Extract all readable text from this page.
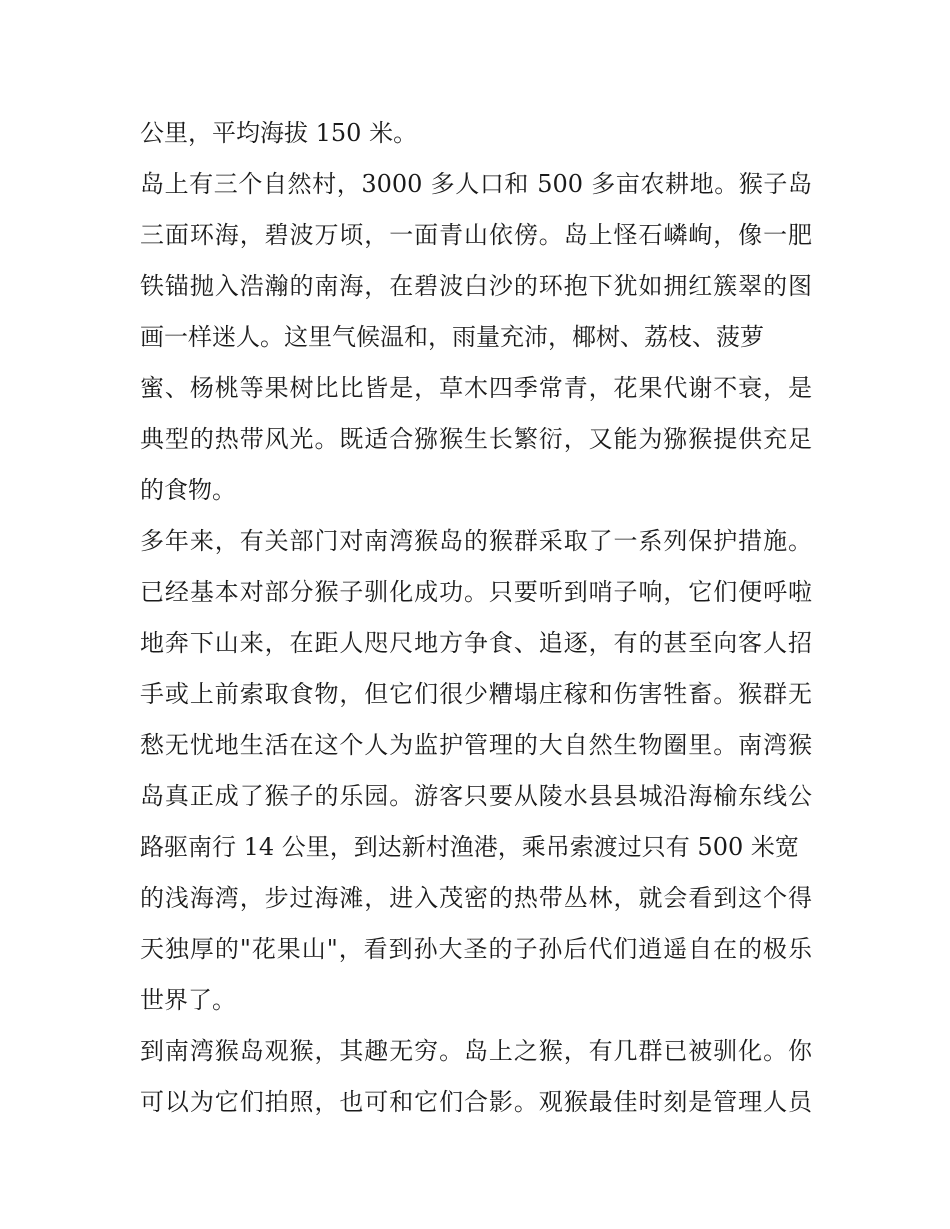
公里，平均海拔 150 米。
岛上有三个自然村，3000 多人口和 500 多亩农耕地。猴子岛
三面环海，碧波万顷，一面青山依傍。岛上怪石嶙峋，像一肥
铁锚抛入浩瀚的南海，在碧波白沙的环抱下犹如拥红簇翠的图
画一样迷人。这里气候温和，雨量充沛，椰树、荔枝、菠萝
蜜、杨桃等果树比比皆是，草木四季常青，花果代谢不衰，是
典型的热带风光。既适合猕猴生长繁衍，又能为猕猴提供充足
的食物。
多年来，有关部门对南湾猴岛的猴群采取了一系列保护措施。
已经基本对部分猴子驯化成功。只要听到哨子响，它们便呼啦
地奔下山来，在距人咫尺地方争食、追逐，有的甚至向客人招
手或上前索取食物，但它们很少糟塌庄稼和伤害牲畜。猴群无
愁无忧地生活在这个人为监护管理的大自然生物圈里。南湾猴
岛真正成了猴子的乐园。游客只要从陵水县县城沿海榆东线公
路驱南行 14 公里，到达新村渔港，乘吊索渡过只有 500 米宽
的浅海湾，步过海滩，进入茂密的热带丛林，就会看到这个得
天独厚的"花果山"，看到孙大圣的子孙后代们逍遥自在的极乐
世界了。
到南湾猴岛观猴，其趣无穷。岛上之猴，有几群已被驯化。你
可以为它们拍照，也可和它们合影。观猴最佳时刻是管理人员
